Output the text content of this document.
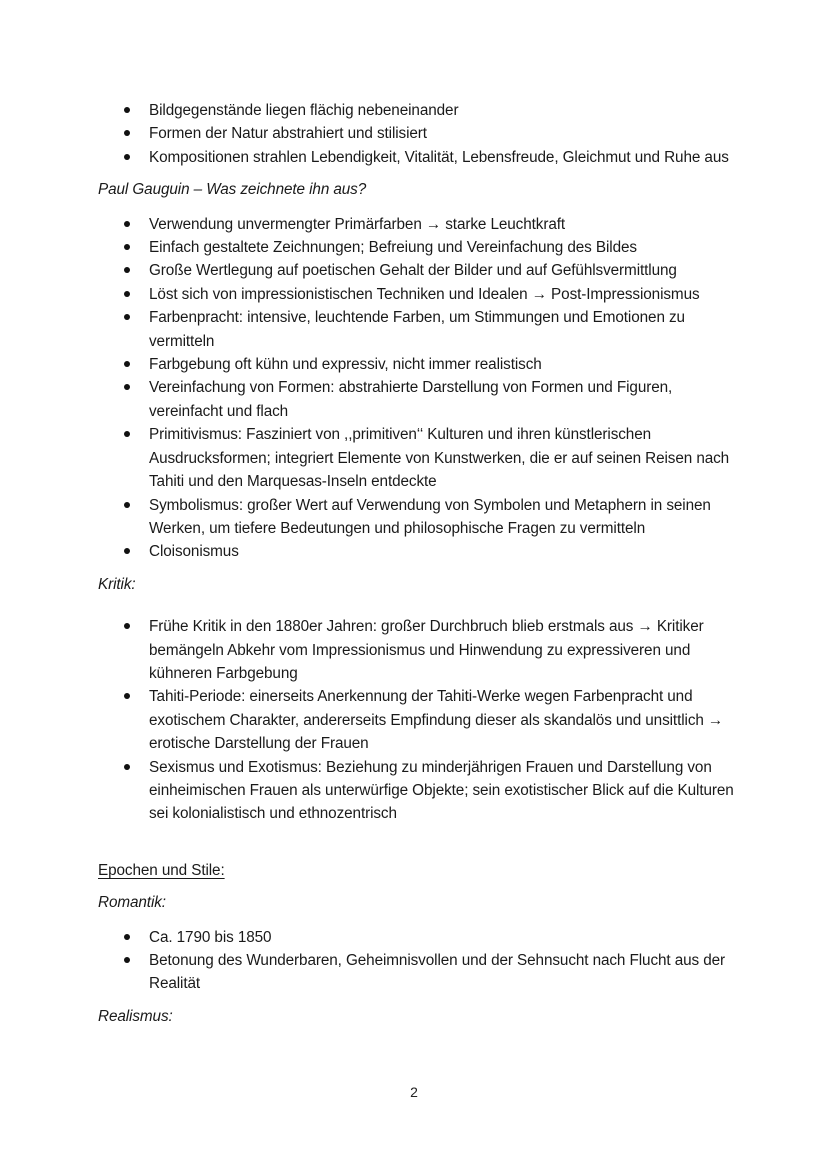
Bildgegenstände liegen flächig nebeneinander
Formen der Natur abstrahiert und stilisiert
Kompositionen strahlen Lebendigkeit, Vitalität, Lebensfreude, Gleichmut und Ruhe aus

Paul Gauguin – Was zeichnete ihn aus?

Verwendung unvermengter Primärfarben → starke Leuchtkraft
Einfach gestaltete Zeichnungen; Befreiung und Vereinfachung des Bildes
Große Wertlegung auf poetischen Gehalt der Bilder und auf Gefühlsvermittlung
Löst sich von impressionistischen Techniken und Idealen → Post-Impressionismus
Farbenpracht: intensive, leuchtende Farben, um Stimmungen und Emotionen zu vermitteln
Farbgebung oft kühn und expressiv, nicht immer realistisch
Vereinfachung von Formen: abstrahierte Darstellung von Formen und Figuren, vereinfacht und flach
Primitivismus: Fasziniert von ,,primitiven‘‘ Kulturen und ihren künstlerischen Ausdrucksformen; integriert Elemente von Kunstwerken, die er auf seinen Reisen nach Tahiti und den Marquesas-Inseln entdeckte
Symbolismus: großer Wert auf Verwendung von Symbolen und Metaphern in seinen Werken, um tiefere Bedeutungen und philosophische Fragen zu vermitteln
Cloisonismus

Kritik:

Frühe Kritik in den 1880er Jahren: großer Durchbruch blieb erstmals aus → Kritiker bemängeln Abkehr vom Impressionismus und Hinwendung zu expressiveren und kühneren Farbgebung
Tahiti-Periode: einerseits Anerkennung der Tahiti-Werke wegen Farbenpracht und exotischem Charakter, andererseits Empfindung dieser als skandalös und unsittlich → erotische Darstellung der Frauen
Sexismus und Exotismus: Beziehung zu minderjährigen Frauen und Darstellung von einheimischen Frauen als unterwürfige Objekte; sein exotistischer Blick auf die Kulturen sei kolonialistisch und ethnozentrisch

Epochen und Stile:

Romantik:

Ca. 1790 bis 1850
Betonung des Wunderbaren, Geheimnisvollen und der Sehnsucht nach Flucht aus der Realität

Realismus:

2
